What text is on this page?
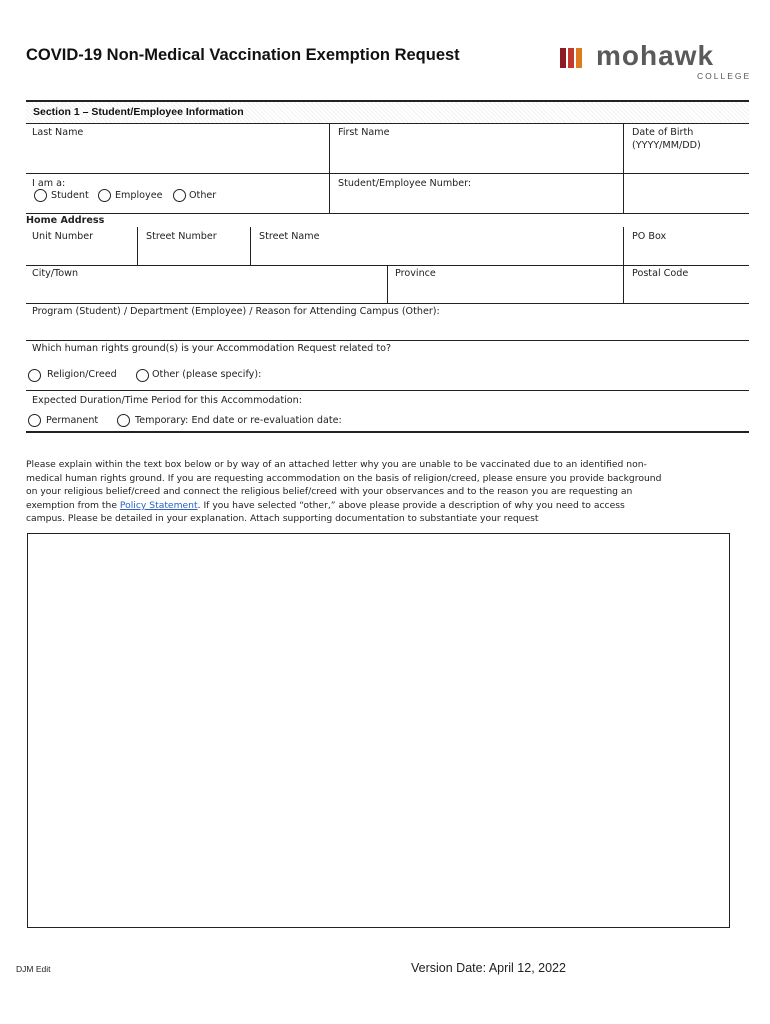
COVID-19 Non-Medical Vaccination Exemption Request	mohawk
COLLEGE
Section 1 – Student/Employee Information
Last Name	First Name	Date of Birth
(YYYY/MM/DD)
I am a:
Student	Employee	Other
Student/Employee Number:
Home Address
Unit Number	Street Number	Street Name	PO Box
City/Town	Province	Postal Code
Program (Student) / Department (Employee) / Reason for Attending Campus (Other):
Which human rights ground(s) is your Accommodation Request related to?
Religion/Creed	Other (please specify):
Expected Duration/Time Period for this Accommodation:
Permanent	Temporary: End date or re-evaluation date:
Please explain within the text box below or by way of an attached letter why you are unable to be vaccinated due to an identified non-
medical human rights ground. If you are requesting accommodation on the basis of religion/creed, please ensure you provide background
on your religious belief/creed and connect the religious belief/creed with your observances and to the reason you are requesting an
exemption from the Policy Statement. If you have selected “other,” above please provide a description of why you need to access
campus. Please be detailed in your explanation. Attach supporting documentation to substantiate your request
DJM Edit	Version Date: April 12, 2022
